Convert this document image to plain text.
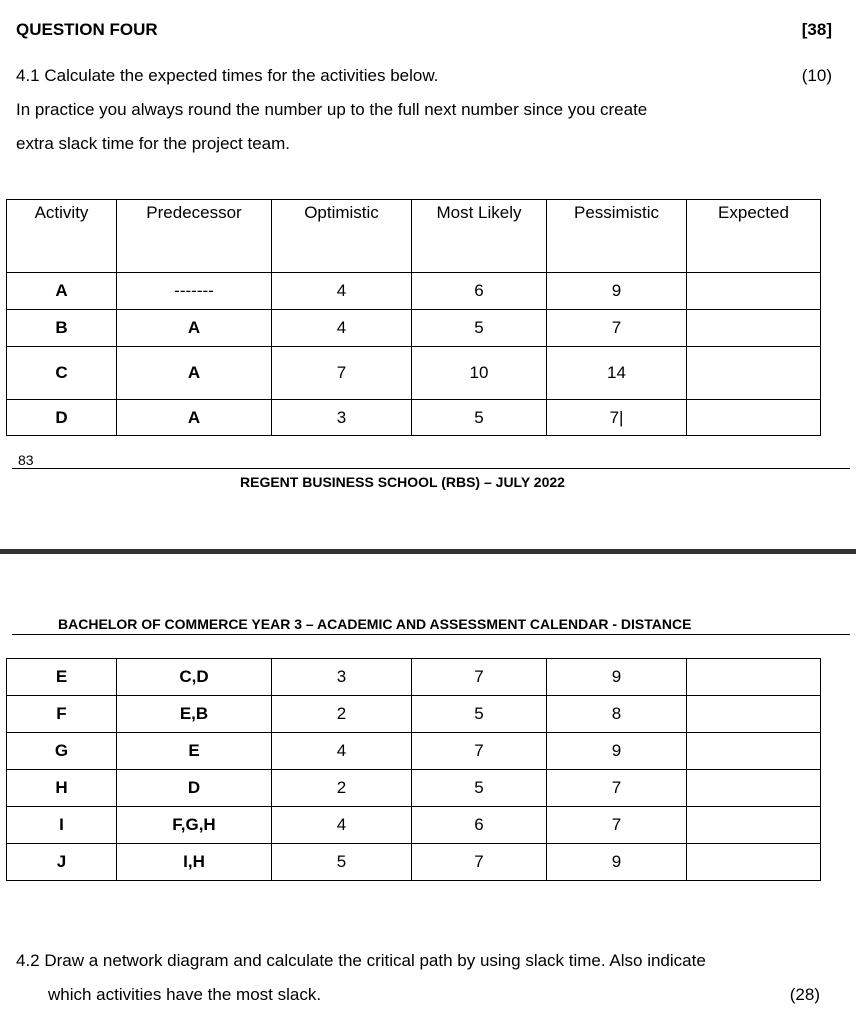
QUESTION FOUR	[38]
4.1 Calculate the expected times for the activities below.	(10)
In practice you always round the number up to the full next number since you create
extra slack time for the project team.
Activity	Predecessor	Optimistic	Most Likely	Pessimistic	Expected
A	-------	4	6	9	
B	A	4	5	7	
C	A	7	10	14	
D	A	3	5	7|	
83
REGENT BUSINESS SCHOOL (RBS) – JULY 2022
BACHELOR OF COMMERCE YEAR 3 – ACADEMIC AND ASSESSMENT CALENDAR - DISTANCE
E	C,D	3	7	9	
F	E,B	2	5	8	
G	E	4	7	9	
H	D	2	5	7	
I	F,G,H	4	6	7	
J	I,H	5	7	9	
4.2 Draw a network diagram and calculate the critical path by using slack time. Also indicate
which activities have the most slack.	(28)
